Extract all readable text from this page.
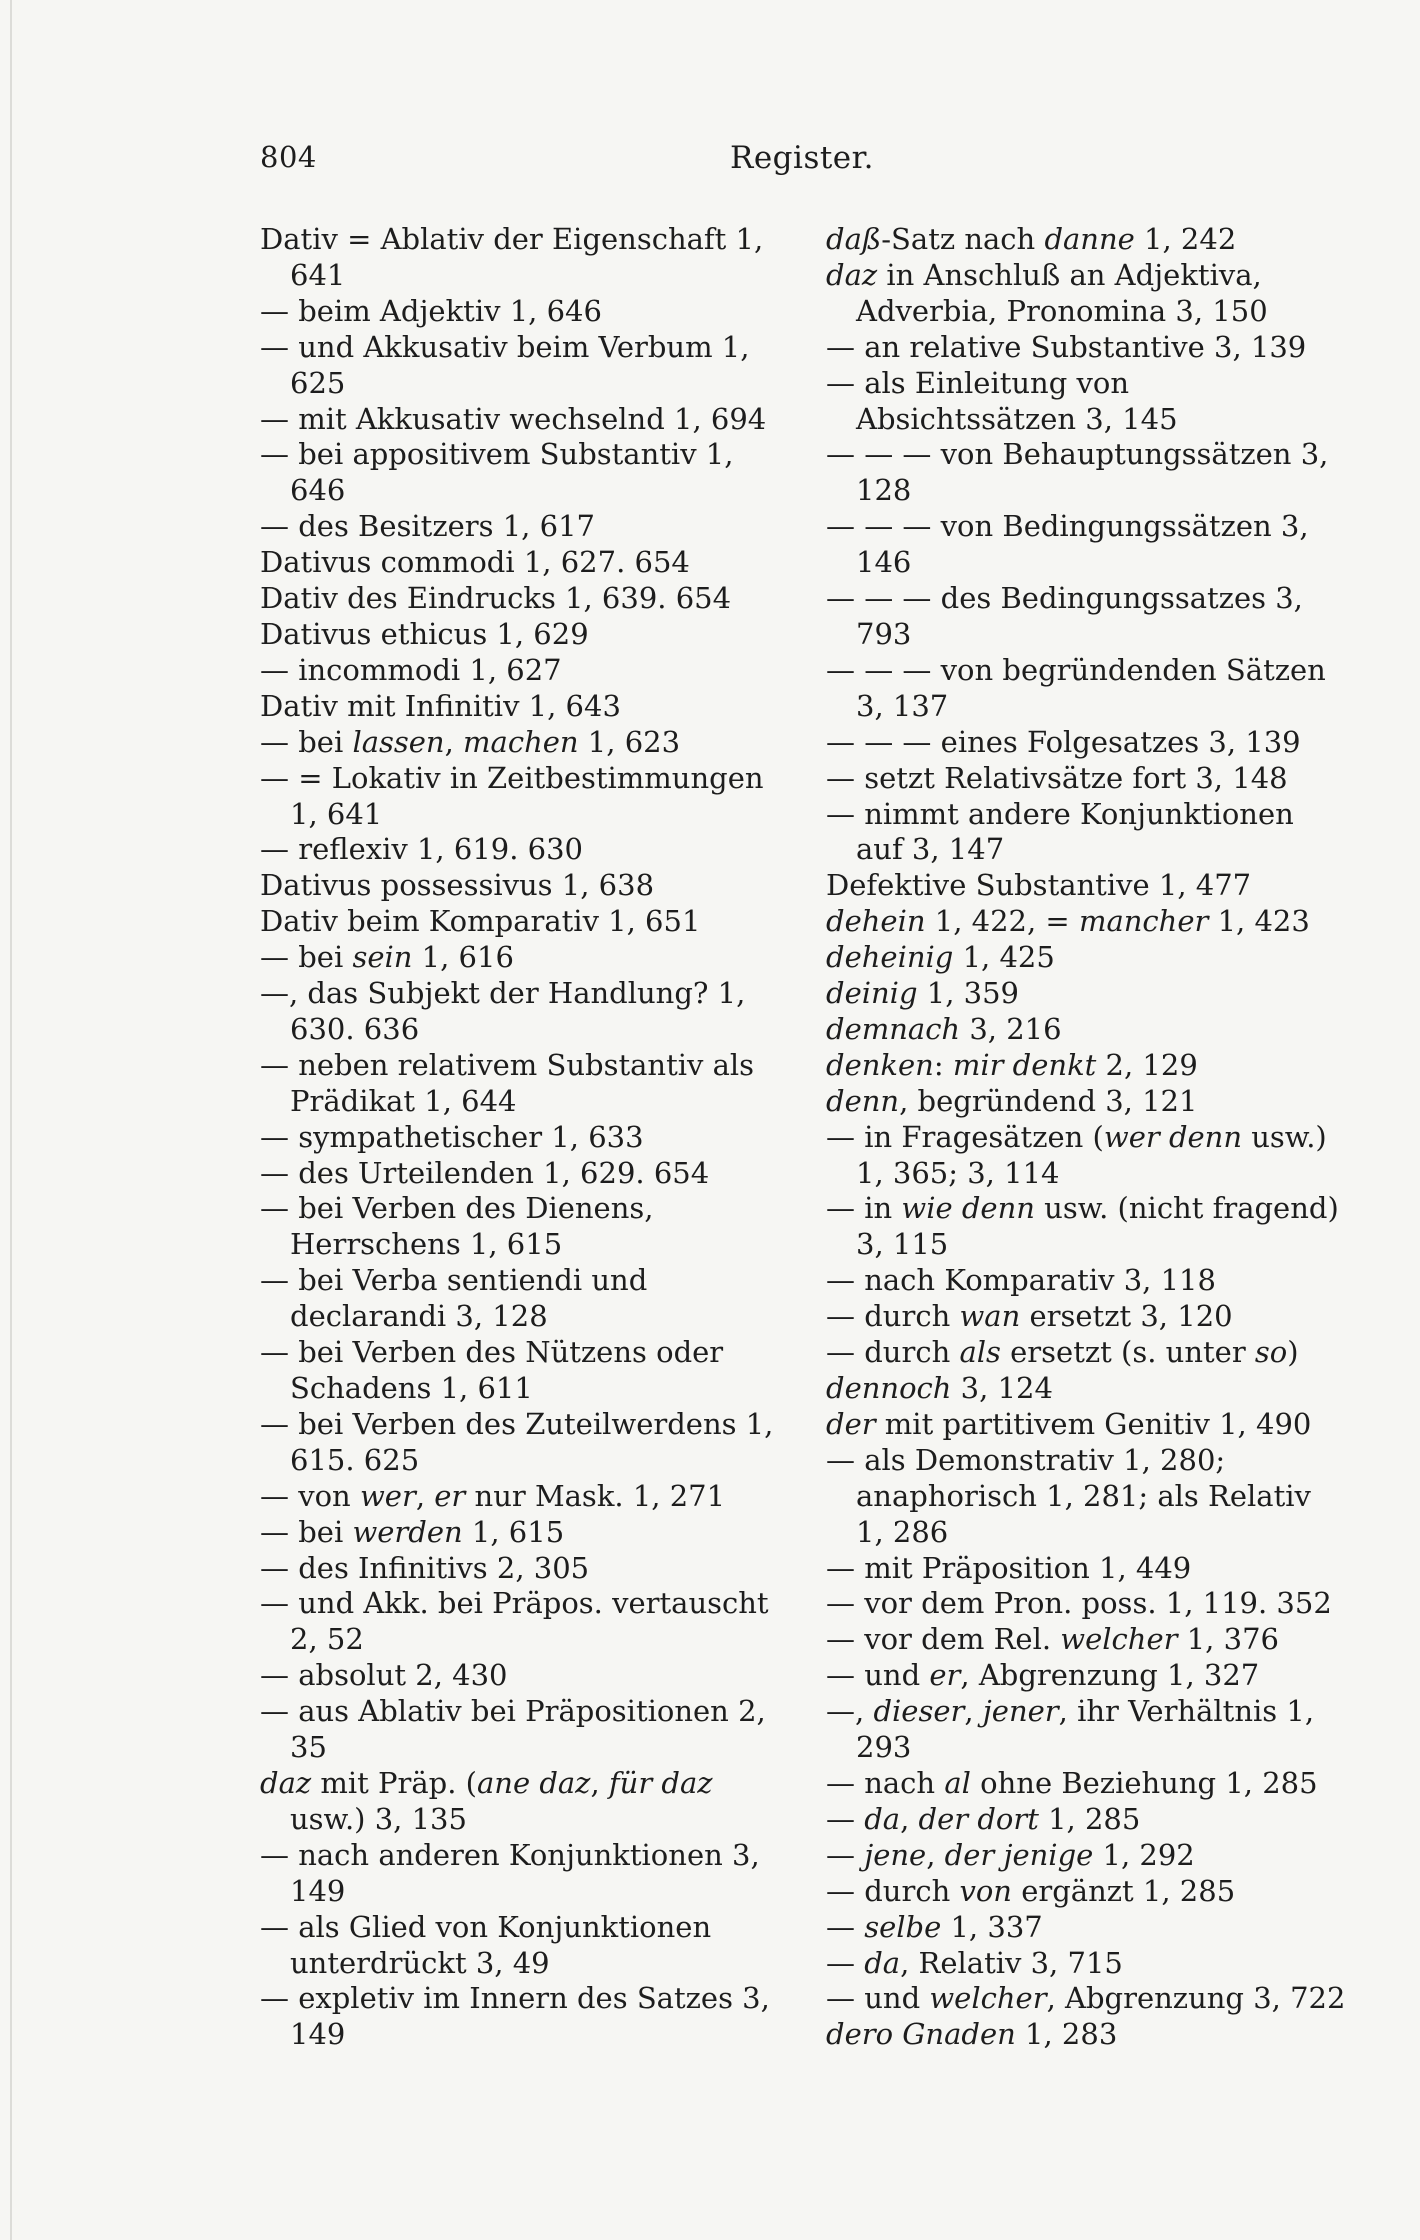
804	Register.
Dativ = Ablativ der Eigenschaft 1, 641
— beim Adjektiv 1, 646
— und Akkusativ beim Verbum 1, 625
— mit Akkusativ wechselnd 1, 694
— bei appositivem Substantiv 1, 646
— des Besitzers 1, 617
Dativus commodi 1, 627. 654
Dativ des Eindrucks 1, 639. 654
Dativus ethicus 1, 629
— incommodi 1, 627
Dativ mit Infinitiv 1, 643
— bei lassen, machen 1, 623
— = Lokativ in Zeitbestimmungen 1, 641
— reflexiv 1, 619. 630
Dativus possessivus 1, 638
Dativ beim Komparativ 1, 651
— bei sein 1, 616
—, das Subjekt der Handlung? 1, 630. 636
— neben relativem Substantiv als Prädikat 1, 644
— sympathetischer 1, 633
— des Urteilenden 1, 629. 654
— bei Verben des Dienens, Herrschens 1, 615
— bei Verba sentiendi und declarandi 3, 128
— bei Verben des Nützens oder Schadens 1, 611
— bei Verben des Zuteilwerdens 1, 615. 625
— von wer, er nur Mask. 1, 271
— bei werden 1, 615
— des Infinitivs 2, 305
— und Akk. bei Präpos. vertauscht 2, 52
— absolut 2, 430
— aus Ablativ bei Präpositionen 2, 35
daz mit Präp. (ane daz, für daz usw.) 3, 135
— nach anderen Konjunktionen 3, 149
— als Glied von Konjunktionen unterdrückt 3, 49
— expletiv im Innern des Satzes 3, 149
daß-Satz nach danne 1, 242
daz in Anschluß an Adjektiva, Adverbia, Pronomina 3, 150
— an relative Substantive 3, 139
— als Einleitung von Absichtssätzen 3, 145
— — — von Behauptungssätzen 3, 128
— — — von Bedingungssätzen 3, 146
— — — des Bedingungssatzes 3, 793
— — — von begründenden Sätzen 3, 137
— — — eines Folgesatzes 3, 139
— setzt Relativsätze fort 3, 148
— nimmt andere Konjunktionen auf 3, 147
Defektive Substantive 1, 477
dehein 1, 422, = mancher 1, 423
deheinig 1, 425
deinig 1, 359
demnach 3, 216
denken: mir denkt 2, 129
denn, begründend 3, 121
— in Fragesätzen (wer denn usw.) 1, 365; 3, 114
— in wie denn usw. (nicht fragend) 3, 115
— nach Komparativ 3, 118
— durch wan ersetzt 3, 120
— durch als ersetzt (s. unter so)
dennoch 3, 124
der mit partitivem Genitiv 1, 490
— als Demonstrativ 1, 280; anaphorisch 1, 281; als Relativ 1, 286
— mit Präposition 1, 449
— vor dem Pron. poss. 1, 119. 352
— vor dem Rel. welcher 1, 376
— und er, Abgrenzung 1, 327
—, dieser, jener, ihr Verhältnis 1, 293
— nach al ohne Beziehung 1, 285
— da, der dort 1, 285
— jene, der jenige 1, 292
— durch von ergänzt 1, 285
— selbe 1, 337
— da, Relativ 3, 715
— und welcher, Abgrenzung 3, 722
dero Gnaden 1, 283
